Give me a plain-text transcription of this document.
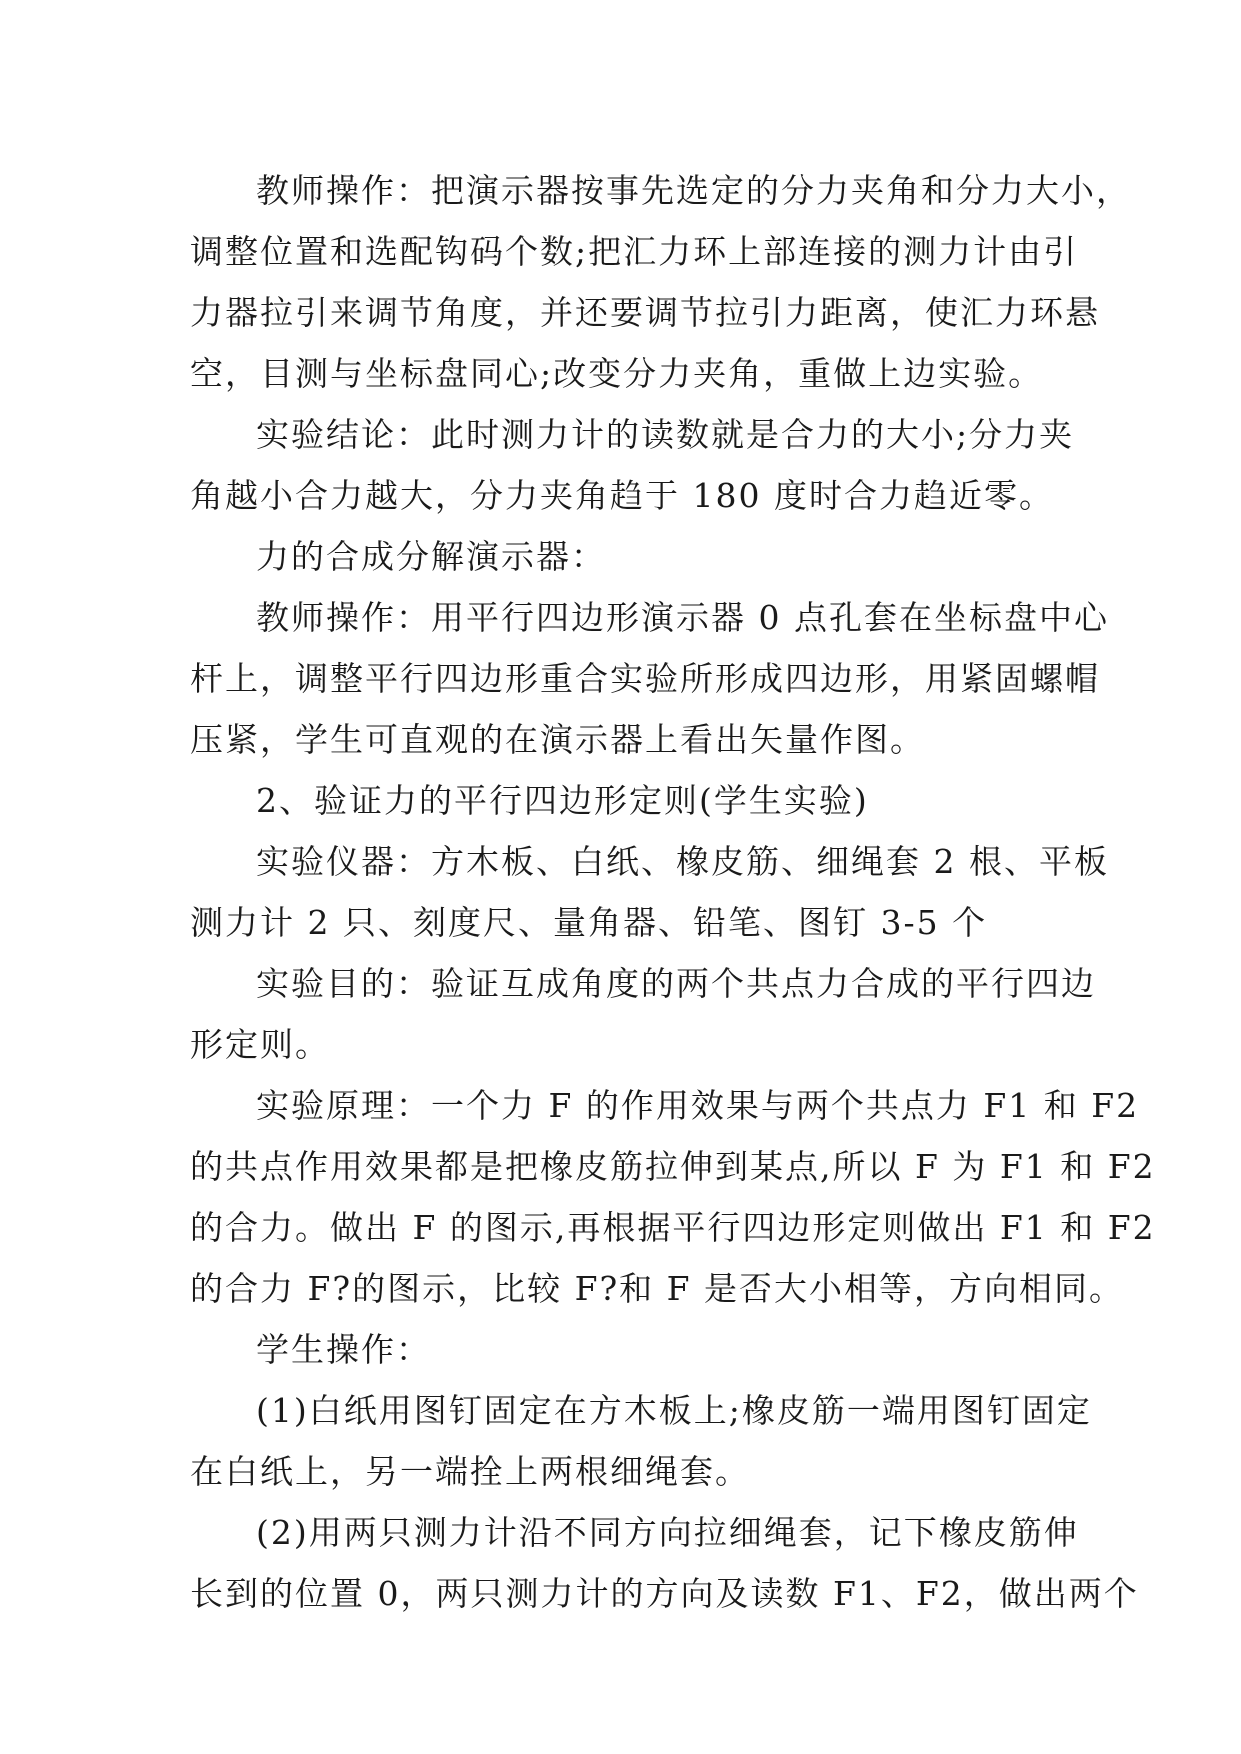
教师操作：把演示器按事先选定的分力夹角和分力大小，
调整位置和选配钩码个数;把汇力环上部连接的测力计由引
力器拉引来调节角度，并还要调节拉引力距离，使汇力环悬
空，目测与坐标盘同心;改变分力夹角，重做上边实验。
实验结论：此时测力计的读数就是合力的大小;分力夹
角越小合力越大，分力夹角趋于 180 度时合力趋近零。
力的合成分解演示器：
教师操作：用平行四边形演示器 0 点孔套在坐标盘中心
杆上，调整平行四边形重合实验所形成四边形，用紧固螺帽
压紧，学生可直观的在演示器上看出矢量作图。
2、验证力的平行四边形定则(学生实验)
实验仪器：方木板、白纸、橡皮筋、细绳套 2 根、平板
测力计 2 只、刻度尺、量角器、铅笔、图钉 3-5 个
实验目的：验证互成角度的两个共点力合成的平行四边
形定则。
实验原理：一个力 F 的作用效果与两个共点力 F1 和 F2
的共点作用效果都是把橡皮筋拉伸到某点,所以 F 为 F1 和 F2
的合力。做出 F 的图示,再根据平行四边形定则做出 F1 和 F2
的合力 F?的图示，比较 F?和 F 是否大小相等，方向相同。
学生操作：
(1)白纸用图钉固定在方木板上;橡皮筋一端用图钉固定
在白纸上，另一端拴上两根细绳套。
(2)用两只测力计沿不同方向拉细绳套，记下橡皮筋伸
长到的位置 0，两只测力计的方向及读数 F1、F2，做出两个
